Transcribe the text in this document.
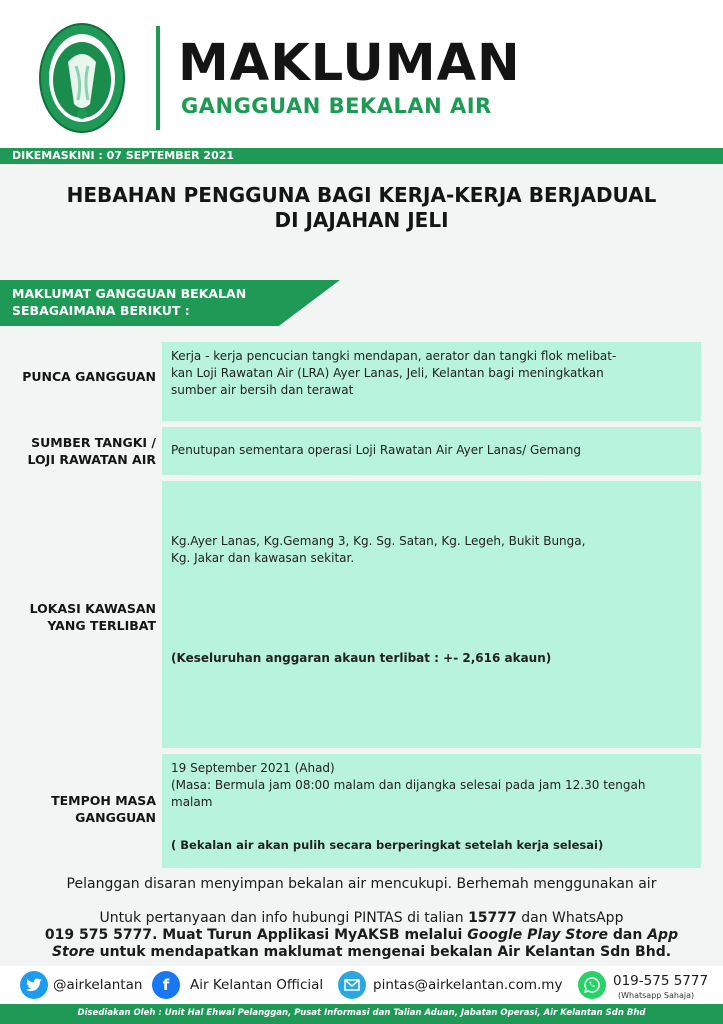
MAKLUMAN
GANGGUAN BEKALAN AIR
DIKEMASKINI : 07 SEPTEMBER 2021
HEBAHAN PENGGUNA BAGI KERJA-KERJA BERJADUAL
DI JAJAHAN JELI
MAKLUMAT GANGGUAN BEKALAN
SEBAGAIMANA BERIKUT :
PUNCA GANGGUAN

Kerja - kerja pencucian tangki mendapan, aerator dan tangki flok melibat-

kan Loji Rawatan Air (LRA) Ayer Lanas, Jeli, Kelantan bagi meningkatkan

sumber air bersih dan terawat

SUMBER TANGKI /
LOJI RAWATAN AIR

Penutupan sementara operasi Loji Rawatan Air Ayer Lanas/ Gemang

LOKASI KAWASAN
YANG TERLIBAT

Kg.Ayer Lanas, Kg.Gemang 3, Kg. Sg. Satan, Kg. Legeh, Bukit Bunga,

Kg. Jakar dan kawasan sekitar.

(Keseluruhan anggaran akaun terlibat : +- 2,616 akaun)

TEMPOH MASA
GANGGUAN

19 September 2021 (Ahad)

(Masa: Bermula jam 08:00 malam dan dijangka selesai pada jam 12.30 tengah

malam

( Bekalan air akan pulih secara berperingkat setelah kerja selesai)

Pelanggan disaran menyimpan bekalan air mencukupi. Berhemah menggunakan air
Untuk pertanyaan dan info hubungi PINTAS di talian 15777 dan WhatsApp
019 575 5777. Muat Turun Applikasi MyAKSB melalui Google Play Store dan App
Store untuk mendapatkan maklumat mengenai bekalan Air Kelantan Sdn Bhd.
@airkelantan	f	Air Kelantan Official	pintas@airkelantan.com.my	019-575 5777
(Whatsapp Sahaja)
Disediakan Oleh : Unit Hal Ehwal Pelanggan, Pusat Informasi dan Talian Aduan, Jabatan Operasi, Air Kelantan Sdn Bhd
